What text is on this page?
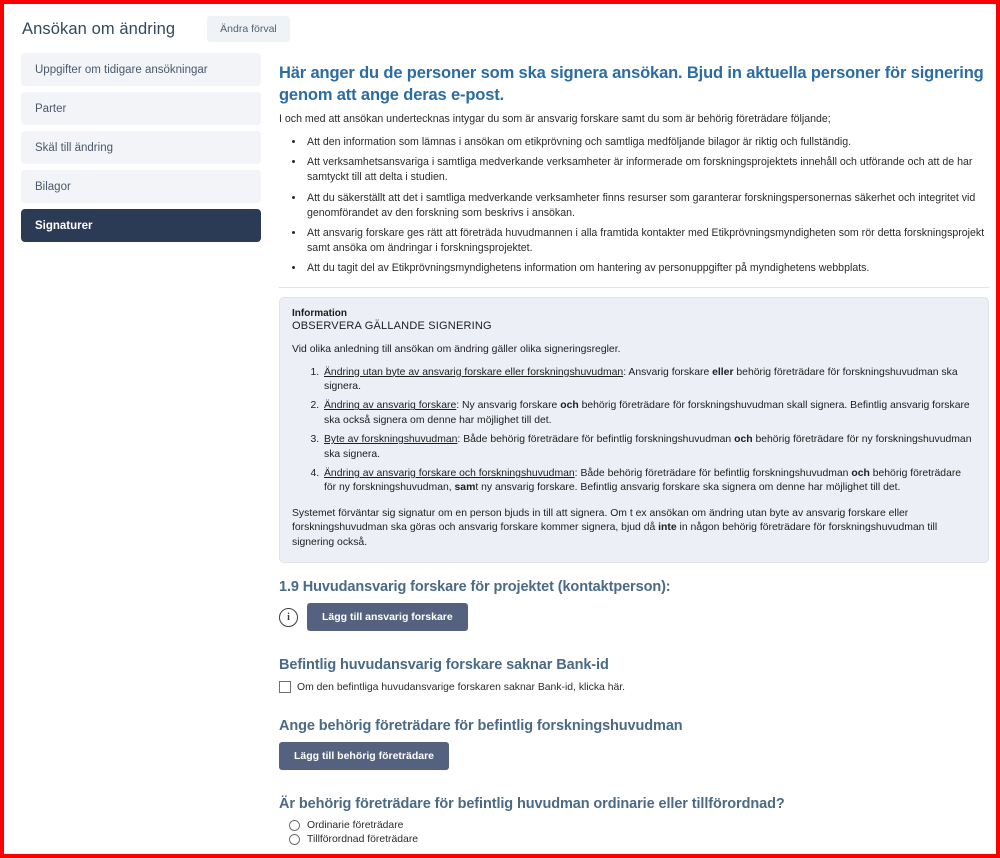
Ansökan om ändring	Ändra förval
Uppgifter om tidigare ansökningar
Parter
Skäl till ändring
Bilagor
Signaturer
Här anger du de personer som ska signera ansökan. Bjud in aktuella personer för signering genom att ange deras e-post.

I och med att ansökan undertecknas intygar du som är ansvarig forskare samt du som är behörig företrädare följande;

• Att den information som lämnas i ansökan om etikprövning och samtliga medföljande bilagor är riktig och fullständig.
• Att verksamhetsansvariga i samtliga medverkande verksamheter är informerade om forskningsprojektets innehåll och utförande och att de har samtyckt till att delta i studien.
• Att du säkerställt att det i samtliga medverkande verksamheter finns resurser som garanterar forskningspersonernas säkerhet och integritet vid genomförandet av den forskning som beskrivs i ansökan.
• Att ansvarig forskare ges rätt att företräda huvudmannen i alla framtida kontakter med Etikprövningsmyndigheten som rör detta forskningsprojekt samt ansöka om ändringar i forskningsprojektet.
• Att du tagit del av Etikprövningsmyndighetens information om hantering av personuppgifter på myndighetens webbplats.
Information
OBSERVERA GÄLLANDE SIGNERING

Vid olika anledning till ansökan om ändring gäller olika signeringsregler.

1. Ändring utan byte av ansvarig forskare eller forskningshuvudman: Ansvarig forskare eller behörig företrädare för forskningshuvudman ska signera.
2. Ändring av ansvarig forskare: Ny ansvarig forskare och behörig företrädare för forskningshuvudman skall signera. Befintlig ansvarig forskare ska också signera om denne har möjlighet till det.
3. Byte av forskningshuvudman: Både behörig företrädare för befintlig forskningshuvudman och behörig företrädare för ny forskningshuvudman ska signera.
4. Ändring av ansvarig forskare och forskningshuvudman: Både behörig företrädare för befintlig forskningshuvudman och behörig företrädare för ny forskningshuvudman, samt ny ansvarig forskare. Befintlig ansvarig forskare ska signera om denne har möjlighet till det.

Systemet förväntar sig signatur om en person bjuds in till att signera. Om t ex ansökan om ändring utan byte av ansvarig forskare eller forskningshuvudman ska göras och ansvarig forskare kommer signera, bjud då inte in någon behörig företrädare för forskningshuvudman till signering också.

1.9 Huvudansvarig forskare för projektet (kontaktperson):
i	Lägg till ansvarig forskare
Befintlig huvudansvarig forskare saknar Bank-id
Om den befintliga huvudansvarige forskaren saknar Bank-id, klicka här.
Ange behörig företrädare för befintlig forskningshuvudman
Lägg till behörig företrädare
Är behörig företrädare för befintlig huvudman ordinarie eller tillförordnad?
Ordinarie företrädare
Tillförordnad företrädare
